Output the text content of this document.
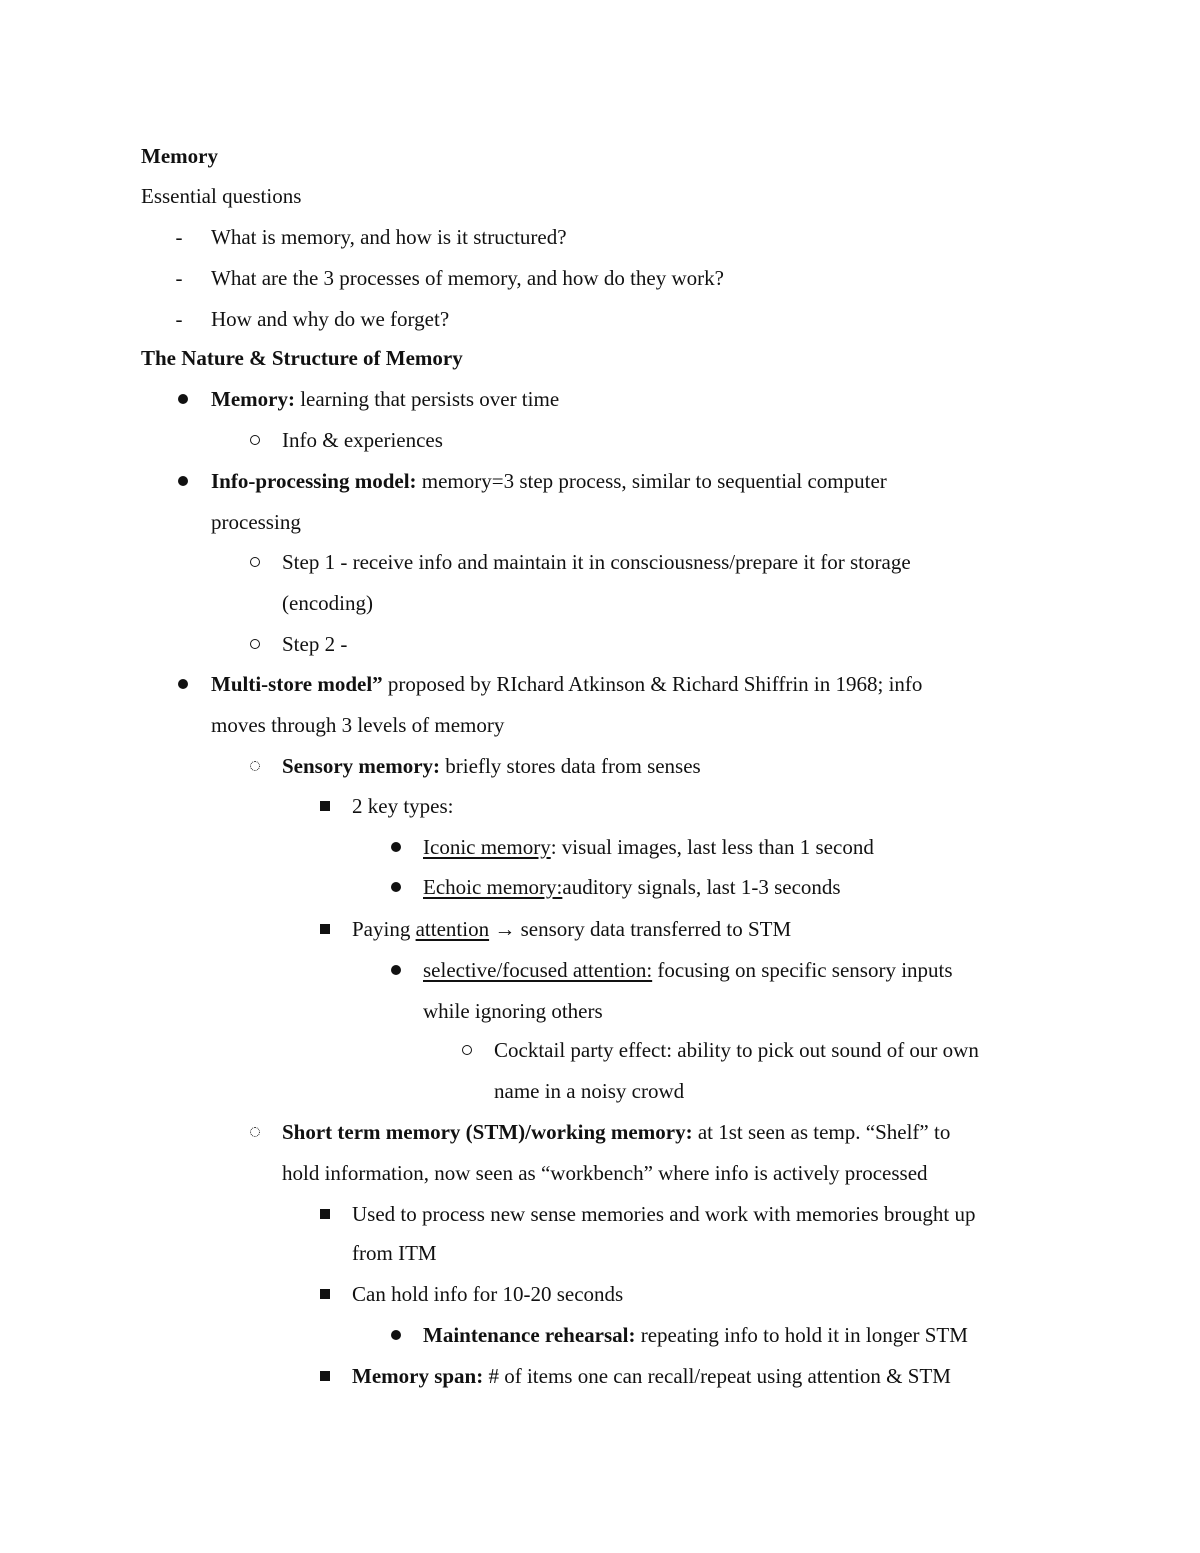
Memory
Essential questions
-	What is memory, and how is it structured?
-	What are the 3 processes of memory, and how do they work?
-	How and why do we forget?
The Nature & Structure of Memory
Memory: learning that persists over time
Info & experiences
Info-processing model: memory=3 step process, similar to sequential computer
processing
Step 1 - receive info and maintain it in consciousness/prepare it for storage
(encoding)
Step 2 -
Multi-store model” proposed by RIchard Atkinson & Richard Shiffrin in 1968; info
moves through 3 levels of memory
Sensory memory: briefly stores data from senses
2 key types:
Iconic memory: visual images, last less than 1 second
Echoic memory:auditory signals, last 1-3 seconds
Paying attention → sensory data transferred to STM
selective/focused attention: focusing on specific sensory inputs
while ignoring others
Cocktail party effect: ability to pick out sound of our own
name in a noisy crowd
Short term memory (STM)/working memory: at 1st seen as temp. “Shelf” to
hold information, now seen as “workbench” where info is actively processed
Used to process new sense memories and work with memories brought up
from ITM
Can hold info for 10-20 seconds
Maintenance rehearsal: repeating info to hold it in longer STM
Memory span: # of items one can recall/repeat using attention & STM
